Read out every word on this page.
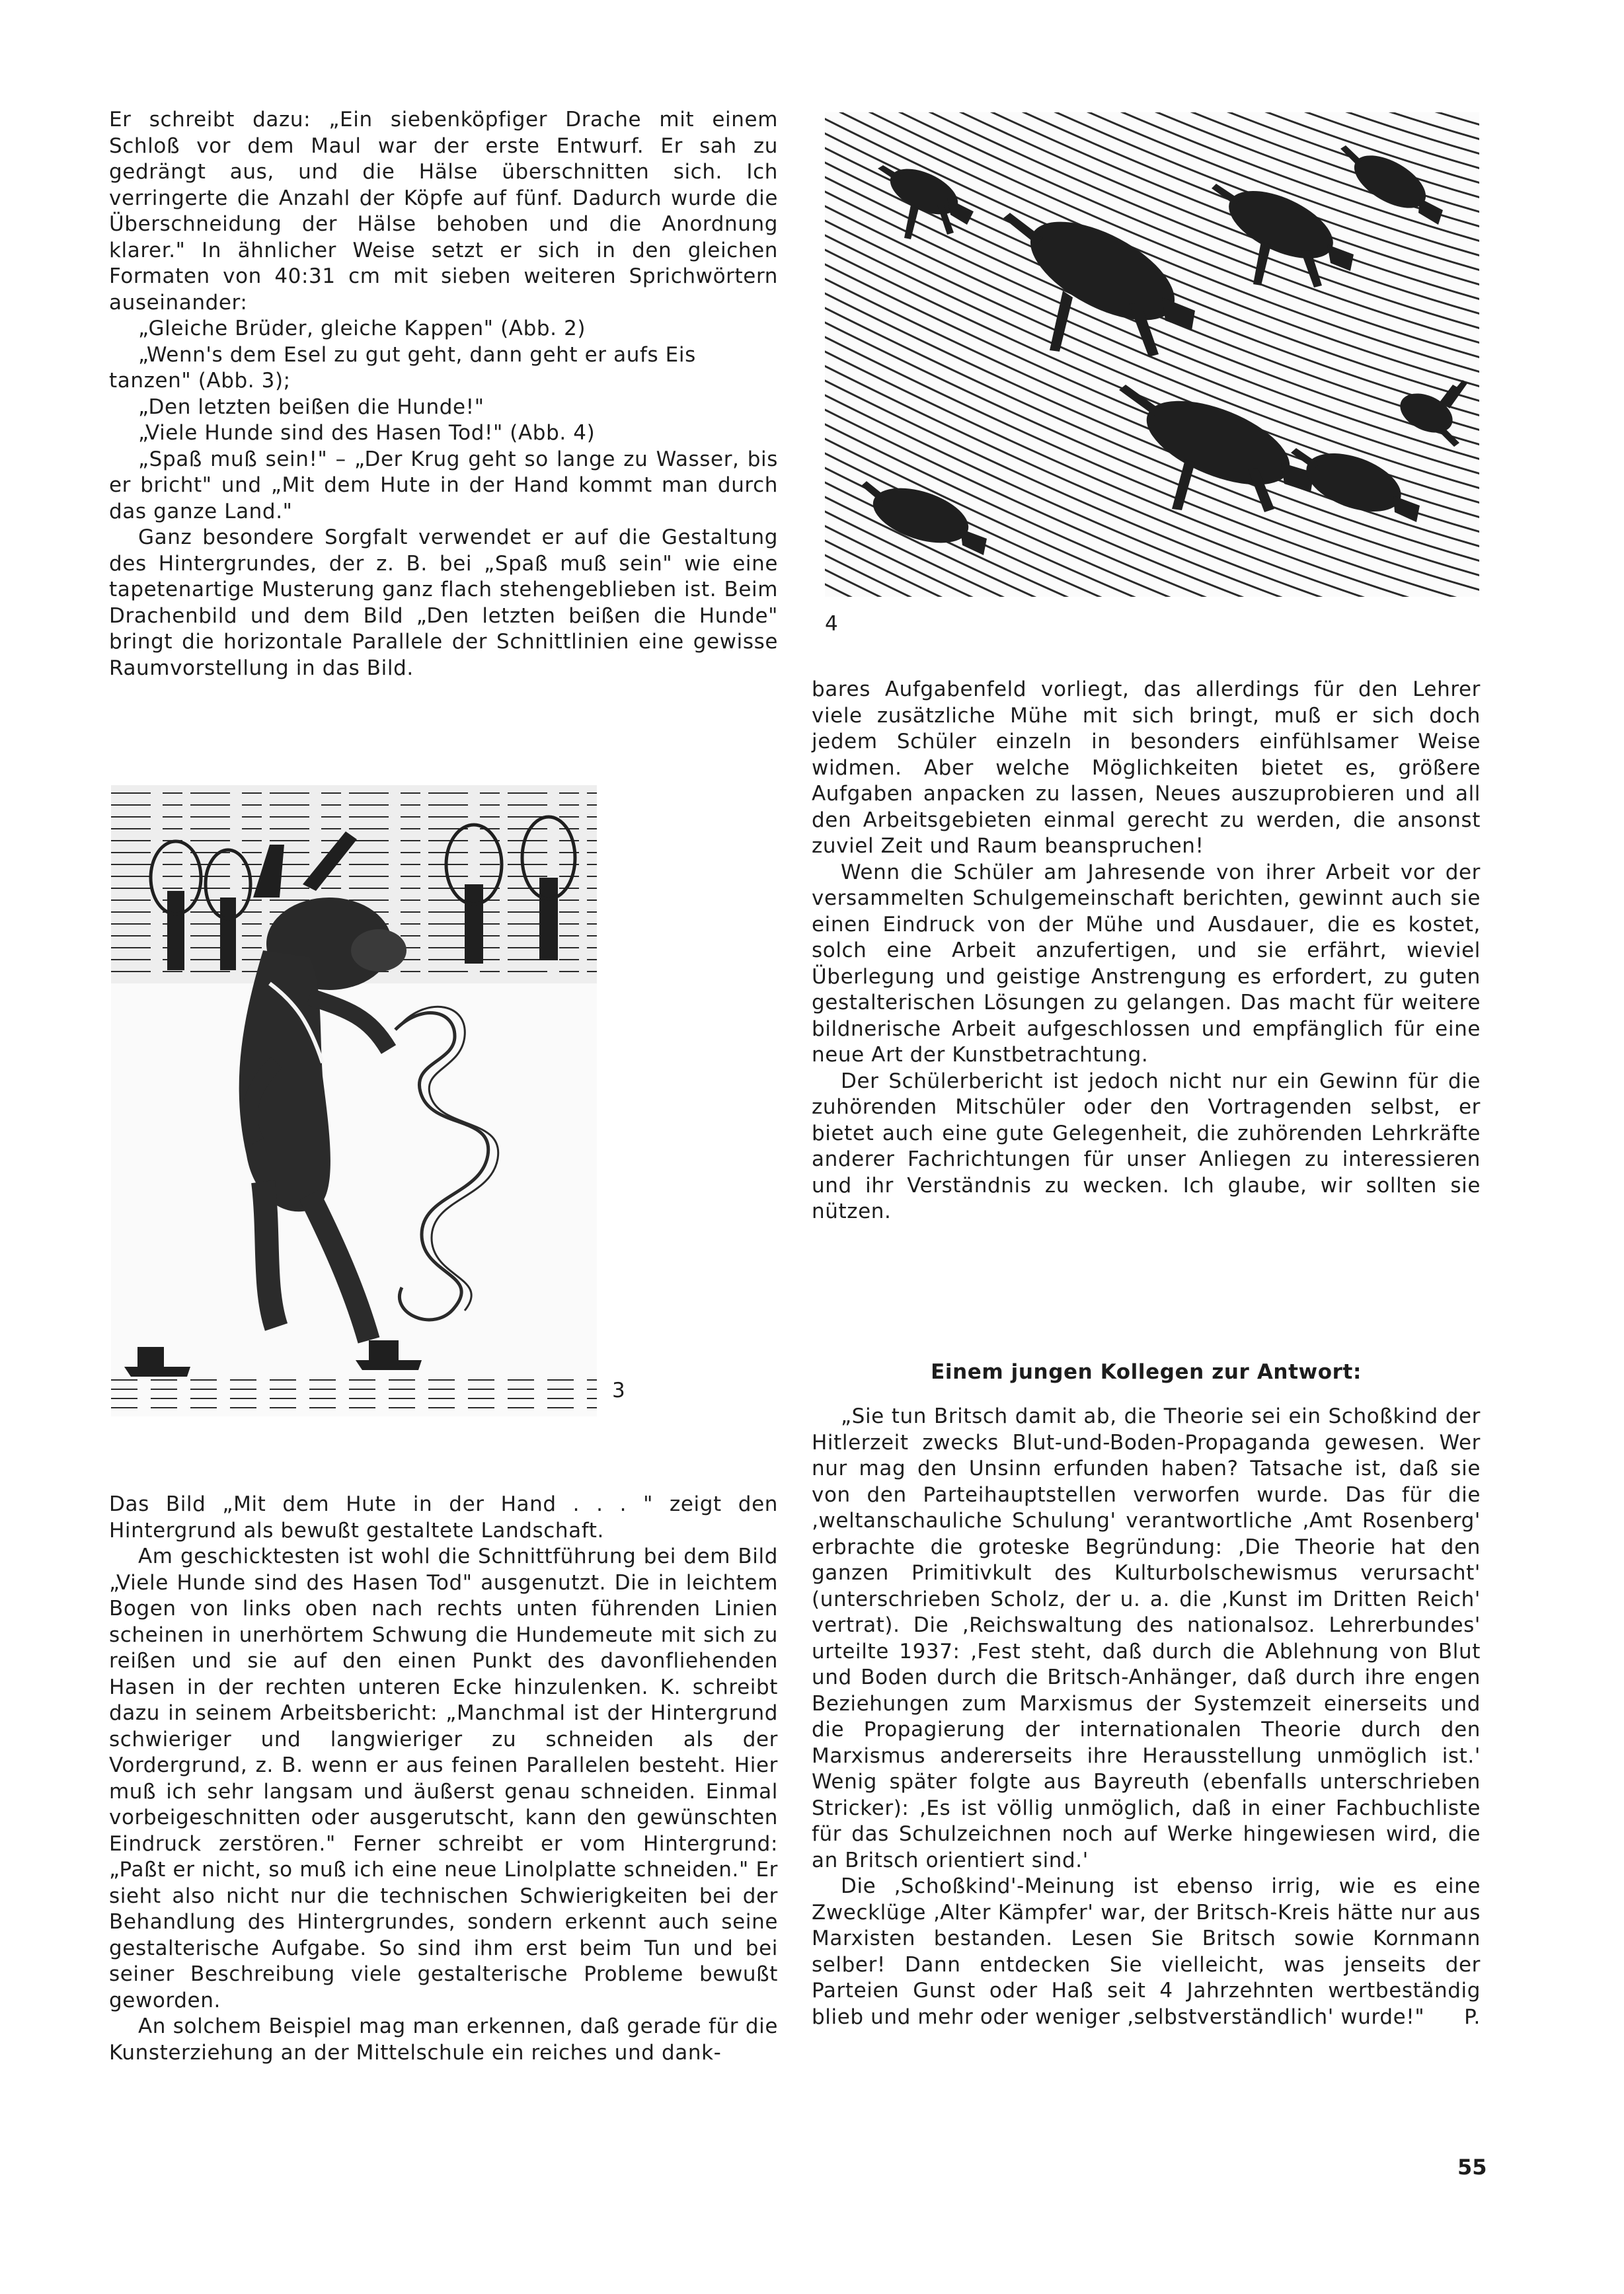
Er schreibt dazu: „Ein siebenköpfiger Drache mit einem Schloß vor dem Maul war der erste Entwurf. Er sah zu gedrängt aus, und die Hälse überschnitten sich. Ich verringerte die Anzahl der Köpfe auf fünf. Dadurch wurde die Überschneidung der Hälse behoben und die Anordnung klarer." In ähnlicher Weise setzt er sich in den gleichen Formaten von 40:31 cm mit sieben weiteren Sprichwörtern auseinander:

„Gleiche Brüder, gleiche Kappen" (Abb. 2)

„Wenn's dem Esel zu gut geht, dann geht er aufs Eis tanzen" (Abb. 3);

„Den letzten beißen die Hunde!"

„Viele Hunde sind des Hasen Tod!" (Abb. 4)

„Spaß muß sein!" – „Der Krug geht so lange zu Wasser, bis er bricht" und „Mit dem Hute in der Hand kommt man durch das ganze Land."

Ganz besondere Sorgfalt verwendet er auf die Gestaltung des Hintergrundes, der z. B. bei „Spaß muß sein" wie eine tapetenartige Musterung ganz flach stehengeblieben ist. Beim Drachenbild und dem Bild „Den letzten beißen die Hunde" bringt die horizontale Parallele der Schnittlinien eine gewisse Raumvorstellung in das Bild.

4
3

Das Bild „Mit dem Hute in der Hand . . . " zeigt den Hintergrund als bewußt gestaltete Landschaft.

Am geschicktesten ist wohl die Schnittführung bei dem Bild „Viele Hunde sind des Hasen Tod" ausgenutzt. Die in leichtem Bogen von links oben nach rechts unten führenden Linien scheinen in unerhörtem Schwung die Hundemeute mit sich zu reißen und sie auf den einen Punkt des davonfliehenden Hasen in der rechten unteren Ecke hinzulenken. K. schreibt dazu in seinem Arbeitsbericht: „Manchmal ist der Hintergrund schwieriger und langwieriger zu schneiden als der Vordergrund, z. B. wenn er aus feinen Parallelen besteht. Hier muß ich sehr langsam und äußerst genau schneiden. Einmal vorbeigeschnitten oder ausgerutscht, kann den gewünschten Eindruck zerstören." Ferner schreibt er vom Hintergrund: „Paßt er nicht, so muß ich eine neue Linolplatte schneiden." Er sieht also nicht nur die technischen Schwierigkeiten bei der Behandlung des Hintergrundes, sondern erkennt auch seine gestalterische Aufgabe. So sind ihm erst beim Tun und bei seiner Beschreibung viele gestalterische Probleme bewußt geworden.

An solchem Beispiel mag man erkennen, daß gerade für die Kunsterziehung an der Mittelschule ein reiches und dank-

bares Aufgabenfeld vorliegt, das allerdings für den Lehrer viele zusätzliche Mühe mit sich bringt, muß er sich doch jedem Schüler einzeln in besonders einfühlsamer Weise widmen. Aber welche Möglichkeiten bietet es, größere Aufgaben anpacken zu lassen, Neues auszuprobieren und all den Arbeitsgebieten einmal gerecht zu werden, die ansonst zuviel Zeit und Raum beanspruchen!

Wenn die Schüler am Jahresende von ihrer Arbeit vor der versammelten Schulgemeinschaft berichten, gewinnt auch sie einen Eindruck von der Mühe und Ausdauer, die es kostet, solch eine Arbeit anzufertigen, und sie erfährt, wieviel Überlegung und geistige Anstrengung es erfordert, zu guten gestalterischen Lösungen zu gelangen. Das macht für weitere bildnerische Arbeit aufgeschlossen und empfänglich für eine neue Art der Kunstbetrachtung.

Der Schülerbericht ist jedoch nicht nur ein Gewinn für die zuhörenden Mitschüler oder den Vortragenden selbst, er bietet auch eine gute Gelegenheit, die zuhörenden Lehrkräfte anderer Fachrichtungen für unser Anliegen zu interessieren und ihr Verständnis zu wecken. Ich glaube, wir sollten sie nützen.

Einem jungen Kollegen zur Antwort:

„Sie tun Britsch damit ab, die Theorie sei ein Schoßkind der Hitlerzeit zwecks Blut-und-Boden-Propaganda gewesen. Wer nur mag den Unsinn erfunden haben? Tatsache ist, daß sie von den Parteihauptstellen verworfen wurde. Das für die ‚weltanschauliche Schulung' verantwortliche ‚Amt Rosenberg' erbrachte die groteske Begründung: ‚Die Theorie hat den ganzen Primitivkult des Kulturbolschewismus verursacht' (unterschrieben Scholz, der u. a. die ‚Kunst im Dritten Reich' vertrat). Die ‚Reichswaltung des nationalsoz. Lehrerbundes' urteilte 1937: ‚Fest steht, daß durch die Ablehnung von Blut und Boden durch die Britsch-Anhänger, daß durch ihre engen Beziehungen zum Marxismus der Systemzeit einerseits und die Propagierung der internationalen Theorie durch den Marxismus andererseits ihre Herausstellung unmöglich ist.' Wenig später folgte aus Bayreuth (ebenfalls unterschrieben Stricker): ‚Es ist völlig unmöglich, daß in einer Fachbuchliste für das Schulzeichnen noch auf Werke hingewiesen wird, die an Britsch orientiert sind.'

Die ‚Schoßkind'-Meinung ist ebenso irrig, wie es eine Zwecklüge ‚Alter Kämpfer' war, der Britsch-Kreis hätte nur aus Marxisten bestanden. Lesen Sie Britsch sowie Kornmann selber! Dann entdecken Sie vielleicht, was jenseits der Parteien Gunst oder Haß seit 4 Jahrzehnten wertbeständig blieb und mehr oder weniger ‚selbstverständlich' wurde!"	P.

55
